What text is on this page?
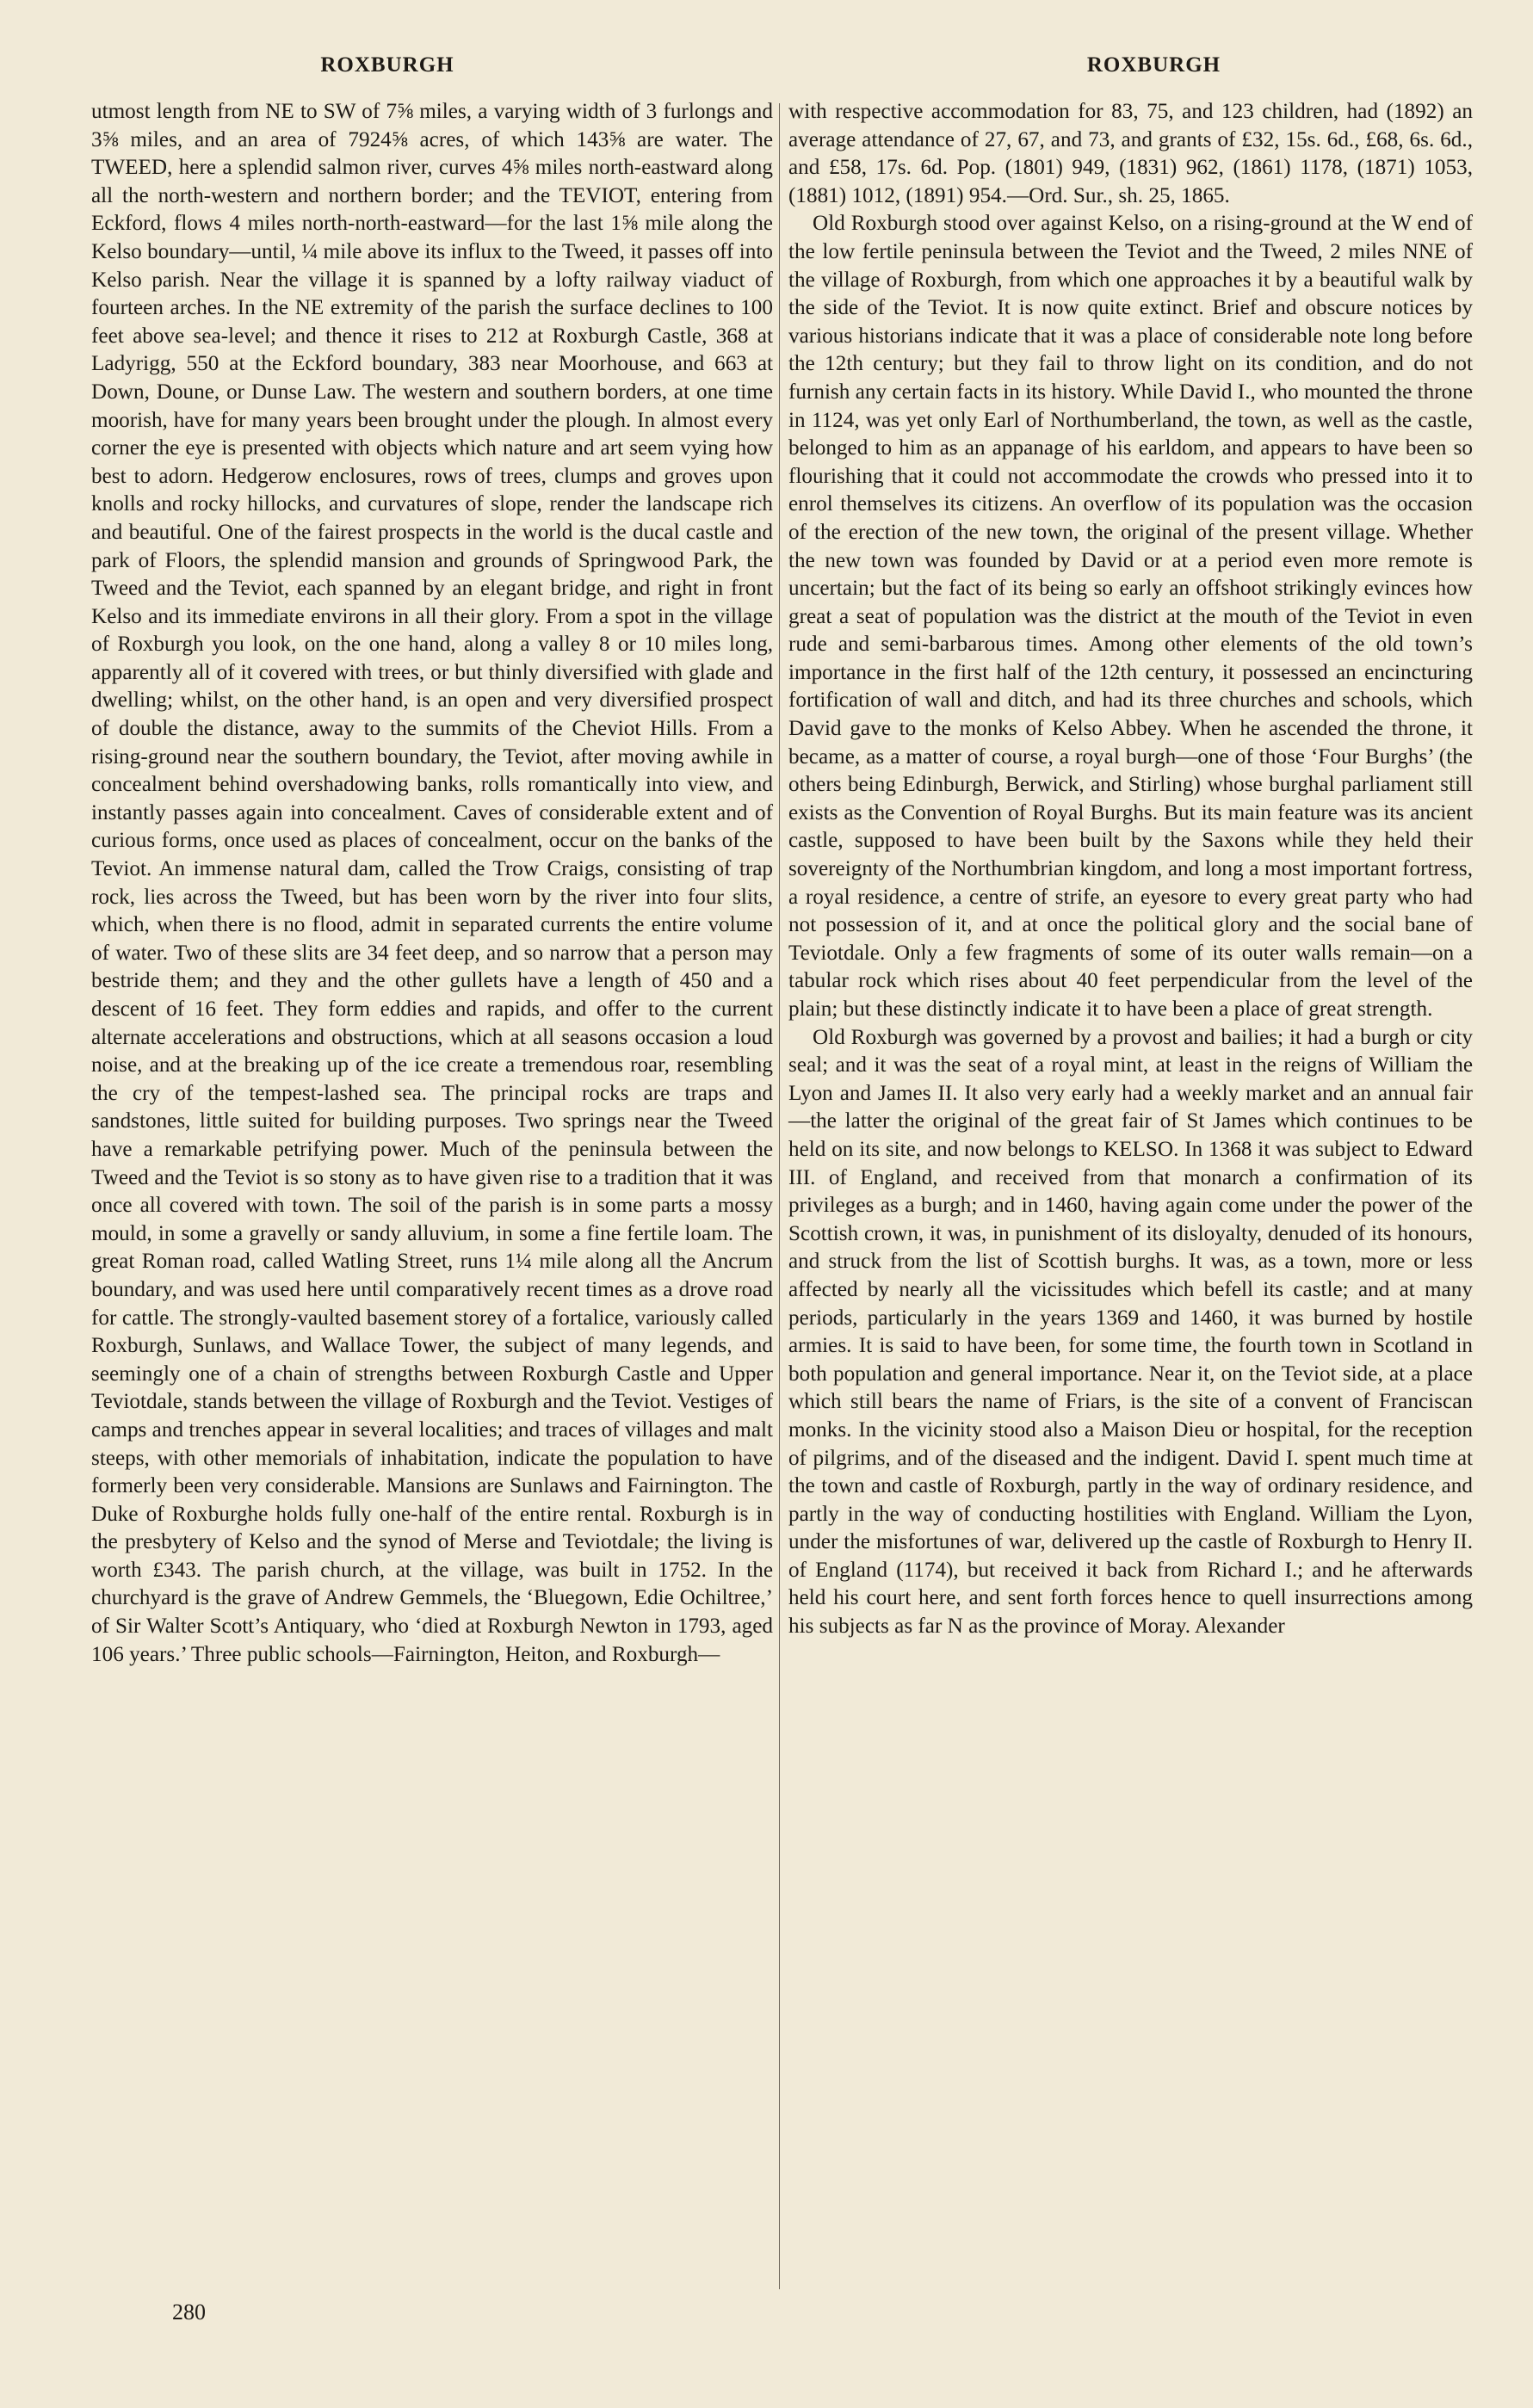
ROXBURGH	ROXBURGH

utmost length from NE to SW of 7⅝ miles, a varying width of 3 furlongs and 3⅝ miles, and an area of 7924⅝ acres, of which 143⅝ are water. The TWEED, here a splendid salmon river, curves 4⅝ miles north-eastward along all the north-western and northern border; and the TEVIOT, entering from Eckford, flows 4 miles north-north-eastward—for the last 1⅝ mile along the Kelso boundary—until, ¼ mile above its influx to the Tweed, it passes off into Kelso parish. Near the village it is spanned by a lofty railway viaduct of fourteen arches. In the NE extremity of the parish the surface declines to 100 feet above sea-level; and thence it rises to 212 at Roxburgh Castle, 368 at Ladyrigg, 550 at the Eckford boundary, 383 near Moorhouse, and 663 at Down, Doune, or Dunse Law. The western and southern borders, at one time moorish, have for many years been brought under the plough. In almost every corner the eye is presented with objects which nature and art seem vying how best to adorn. Hedgerow enclosures, rows of trees, clumps and groves upon knolls and rocky hillocks, and curvatures of slope, render the landscape rich and beautiful. One of the fairest prospects in the world is the ducal castle and park of Floors, the splendid mansion and grounds of Springwood Park, the Tweed and the Teviot, each spanned by an elegant bridge, and right in front Kelso and its immediate environs in all their glory. From a spot in the village of Roxburgh you look, on the one hand, along a valley 8 or 10 miles long, apparently all of it covered with trees, or but thinly diversified with glade and dwelling; whilst, on the other hand, is an open and very diversified prospect of double the distance, away to the summits of the Cheviot Hills. From a rising-ground near the southern boundary, the Teviot, after moving awhile in concealment behind overshadowing banks, rolls romantically into view, and instantly passes again into concealment. Caves of considerable extent and of curious forms, once used as places of concealment, occur on the banks of the Teviot. An immense natural dam, called the Trow Craigs, consisting of trap rock, lies across the Tweed, but has been worn by the river into four slits, which, when there is no flood, admit in separated currents the entire volume of water. Two of these slits are 34 feet deep, and so narrow that a person may bestride them; and they and the other gullets have a length of 450 and a descent of 16 feet. They form eddies and rapids, and offer to the current alternate accelerations and obstructions, which at all seasons occasion a loud noise, and at the breaking up of the ice create a tremendous roar, resembling the cry of the tempest-lashed sea. The principal rocks are traps and sandstones, little suited for building purposes. Two springs near the Tweed have a remarkable petrifying power. Much of the peninsula between the Tweed and the Teviot is so stony as to have given rise to a tradition that it was once all covered with town. The soil of the parish is in some parts a mossy mould, in some a gravelly or sandy alluvium, in some a fine fertile loam. The great Roman road, called Watling Street, runs 1¼ mile along all the Ancrum boundary, and was used here until comparatively recent times as a drove road for cattle. The strongly-vaulted basement storey of a fortalice, variously called Roxburgh, Sunlaws, and Wallace Tower, the subject of many legends, and seemingly one of a chain of strengths between Roxburgh Castle and Upper Teviotdale, stands between the village of Roxburgh and the Teviot. Vestiges of camps and trenches appear in several localities; and traces of villages and malt steeps, with other memorials of inhabitation, indicate the population to have formerly been very considerable. Mansions are Sunlaws and Fairnington. The Duke of Roxburghe holds fully one-half of the entire rental. Roxburgh is in the presbytery of Kelso and the synod of Merse and Teviotdale; the living is worth £343. The parish church, at the village, was built in 1752. In the churchyard is the grave of Andrew Gemmels, the ‘Bluegown, Edie Ochiltree,’ of Sir Walter Scott’s Antiquary, who ‘died at Roxburgh Newton in 1793, aged 106 years.’ Three public schools—Fairnington, Heiton, and Roxburgh—

with respective accommodation for 83, 75, and 123 children, had (1892) an average attendance of 27, 67, and 73, and grants of £32, 15s. 6d., £68, 6s. 6d., and £58, 17s. 6d. Pop. (1801) 949, (1831) 962, (1861) 1178, (1871) 1053, (1881) 1012, (1891) 954.—Ord. Sur., sh. 25, 1865.

Old Roxburgh stood over against Kelso, on a rising-ground at the W end of the low fertile peninsula between the Teviot and the Tweed, 2 miles NNE of the village of Roxburgh, from which one approaches it by a beautiful walk by the side of the Teviot. It is now quite extinct. Brief and obscure notices by various historians indicate that it was a place of considerable note long before the 12th century; but they fail to throw light on its condition, and do not furnish any certain facts in its history. While David I., who mounted the throne in 1124, was yet only Earl of Northumberland, the town, as well as the castle, belonged to him as an appanage of his earldom, and appears to have been so flourishing that it could not accommodate the crowds who pressed into it to enrol themselves its citizens. An overflow of its population was the occasion of the erection of the new town, the original of the present village. Whether the new town was founded by David or at a period even more remote is uncertain; but the fact of its being so early an offshoot strikingly evinces how great a seat of population was the district at the mouth of the Teviot in even rude and semi-barbarous times. Among other elements of the old town’s importance in the first half of the 12th century, it possessed an encincturing fortification of wall and ditch, and had its three churches and schools, which David gave to the monks of Kelso Abbey. When he ascended the throne, it became, as a matter of course, a royal burgh—one of those ‘Four Burghs’ (the others being Edinburgh, Berwick, and Stirling) whose burghal parliament still exists as the Convention of Royal Burghs. But its main feature was its ancient castle, supposed to have been built by the Saxons while they held their sovereignty of the Northumbrian kingdom, and long a most important fortress, a royal residence, a centre of strife, an eyesore to every great party who had not possession of it, and at once the political glory and the social bane of Teviotdale. Only a few fragments of some of its outer walls remain—on a tabular rock which rises about 40 feet perpendicular from the level of the plain; but these distinctly indicate it to have been a place of great strength.

Old Roxburgh was governed by a provost and bailies; it had a burgh or city seal; and it was the seat of a royal mint, at least in the reigns of William the Lyon and James II. It also very early had a weekly market and an annual fair—the latter the original of the great fair of St James which continues to be held on its site, and now belongs to KELSO. In 1368 it was subject to Edward III. of England, and received from that monarch a confirmation of its privileges as a burgh; and in 1460, having again come under the power of the Scottish crown, it was, in punishment of its disloyalty, denuded of its honours, and struck from the list of Scottish burghs. It was, as a town, more or less affected by nearly all the vicissitudes which befell its castle; and at many periods, particularly in the years 1369 and 1460, it was burned by hostile armies. It is said to have been, for some time, the fourth town in Scotland in both population and general importance. Near it, on the Teviot side, at a place which still bears the name of Friars, is the site of a convent of Franciscan monks. In the vicinity stood also a Maison Dieu or hospital, for the reception of pilgrims, and of the diseased and the indigent. David I. spent much time at the town and castle of Roxburgh, partly in the way of ordinary residence, and partly in the way of conducting hostilities with England. William the Lyon, under the misfortunes of war, delivered up the castle of Roxburgh to Henry II. of England (1174), but received it back from Richard I.; and he afterwards held his court here, and sent forth forces hence to quell insurrections among his subjects as far N as the province of Moray. Alexander

280
